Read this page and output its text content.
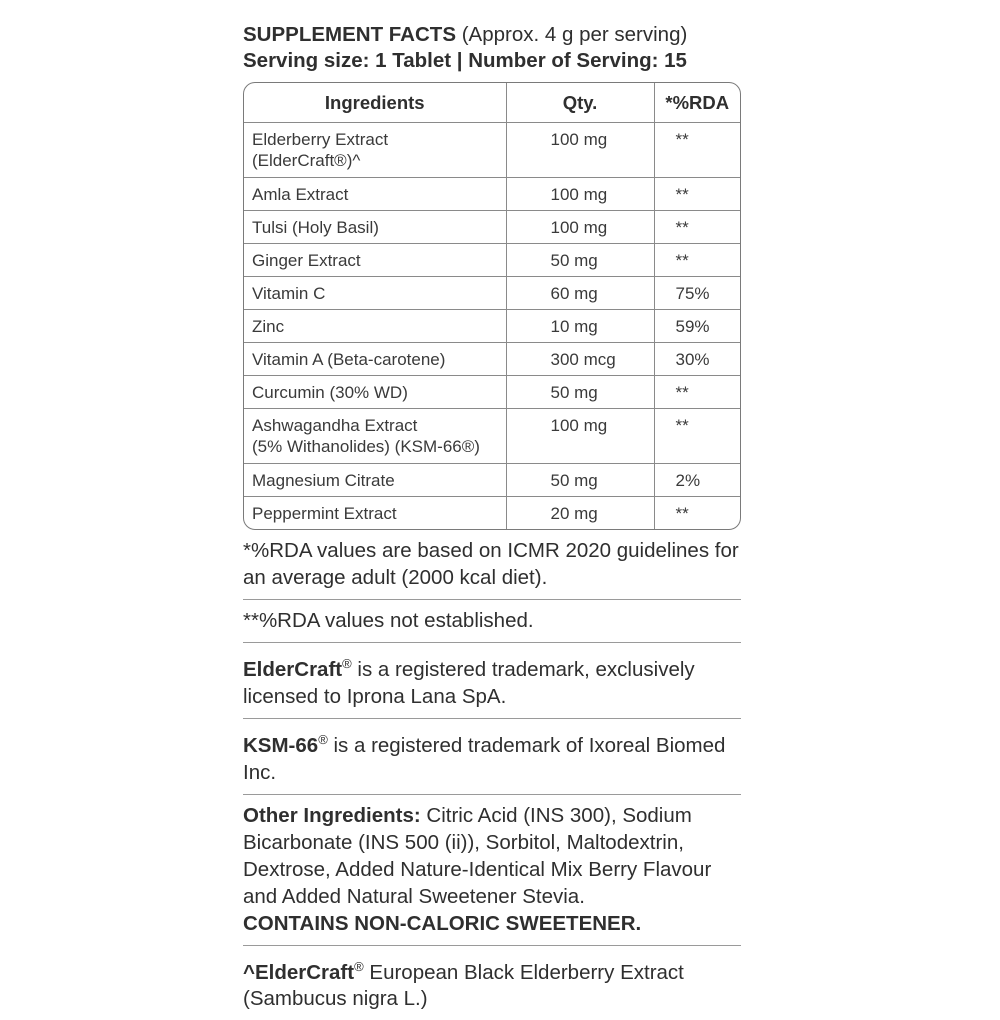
SUPPLEMENT FACTS (Approx. 4 g per serving)
Serving size: 1 Tablet | Number of Serving: 15
Ingredients	Qty.	*%RDA
Elderberry Extract
(ElderCraft®)^	100 mg	**
Amla Extract	100 mg	**
Tulsi (Holy Basil)	100 mg	**
Ginger Extract	50 mg	**
Vitamin C	60 mg	75%
Zinc	10 mg	59%
Vitamin A (Beta-carotene)	300 mcg	30%
Curcumin (30% WD)	50 mg	**
Ashwagandha Extract
(5% Withanolides) (KSM-66®)	100 mg	**
Magnesium Citrate	50 mg	2%
Peppermint Extract	20 mg	**
*%RDA values are based on ICMR 2020 guidelines for an average adult (2000 kcal diet).
**%RDA values not established.
ElderCraft® is a registered trademark, exclusively licensed to Iprona Lana SpA.
KSM-66® is a registered trademark of Ixoreal Biomed Inc.
Other Ingredients: Citric Acid (INS 300), Sodium Bicarbonate (INS 500 (ii)), Sorbitol, Maltodextrin, Dextrose, Added Nature-Identical Mix Berry Flavour and Added Natural Sweetener Stevia.
CONTAINS NON-CALORIC SWEETENER.
^ElderCraft® European Black Elderberry Extract (Sambucus nigra L.)
